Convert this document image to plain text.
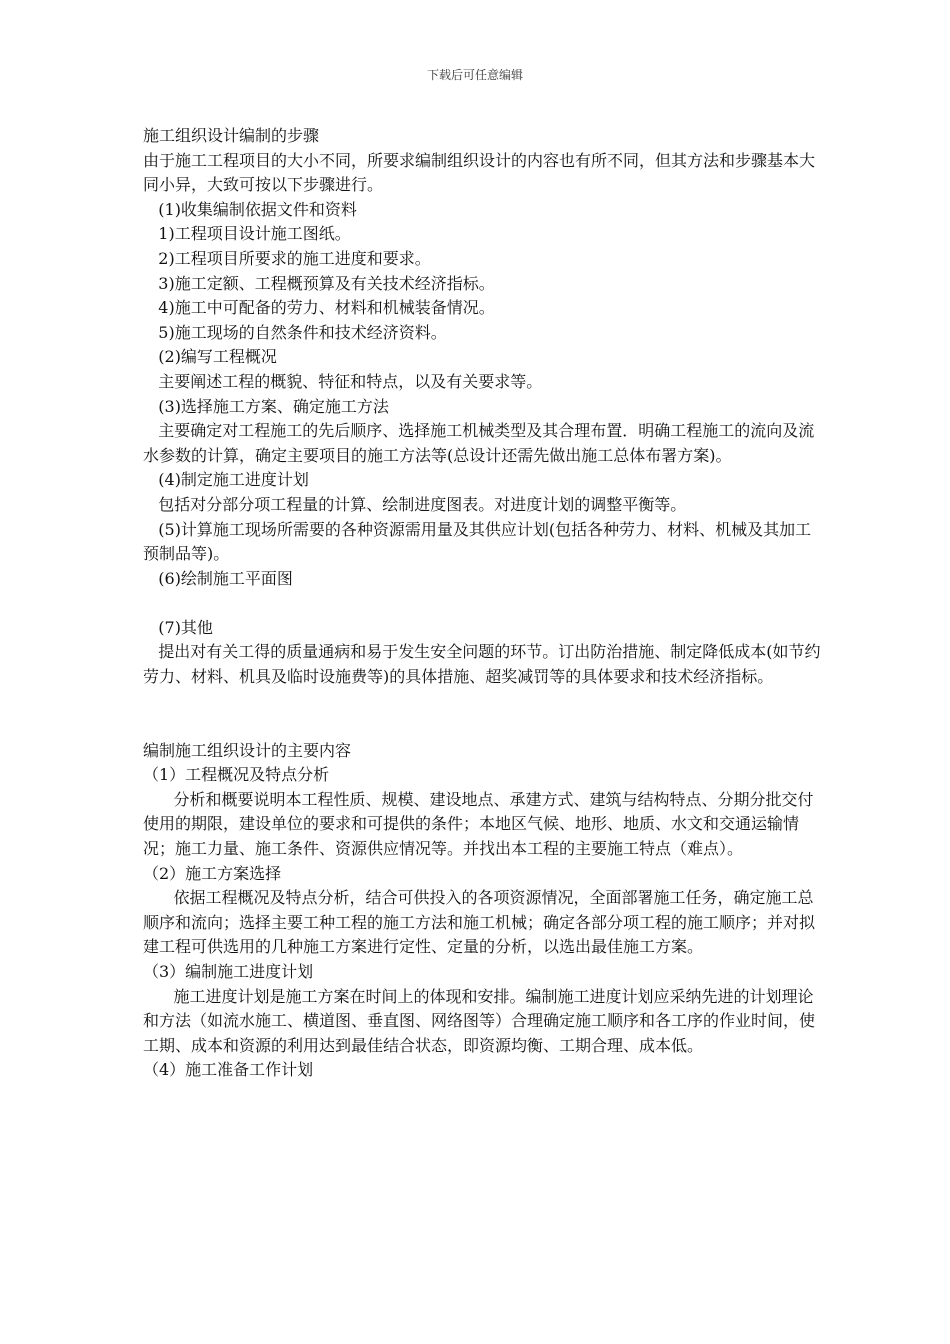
下载后可任意编辑

施工组织设计编制的步骤

由于施工工程项目的大小不同，所要求编制组织设计的内容也有所不同，但其方法和步骤基本大同小异，大致可按以下步骤进行。

(1)收集编制依据文件和资料

1)工程项目设计施工图纸。

2)工程项目所要求的施工进度和要求。

3)施工定额、工程概预算及有关技术经济指标。

4)施工中可配备的劳力、材料和机械装备情况。

5)施工现场的自然条件和技术经济资料。

(2)编写工程概况

主要阐述工程的概貌、特征和特点，以及有关要求等。

(3)选择施工方案、确定施工方法

主要确定对工程施工的先后顺序、选择施工机械类型及其合理布置．明确工程施工的流向及流水参数的计算，确定主要项目的施工方法等(总设计还需先做出施工总体布署方案)。

(4)制定施工进度计划

包括对分部分项工程量的计算、绘制进度图表。对进度计划的调整平衡等。

(5)计算施工现场所需要的各种资源需用量及其供应计划(包括各种劳力、材料、机械及其加工预制品等)。

(6)绘制施工平面图

(7)其他

提出对有关工得的质量通病和易于发生安全问题的环节。订出防治措施、制定降低成本(如节约劳力、材料、机具及临时设施费等)的具体措施、超奖减罚等的具体要求和技术经济指标。

编制施工组织设计的主要内容

（1）工程概况及特点分析

分析和概要说明本工程性质、规模、建设地点、承建方式、建筑与结构特点、分期分批交付使用的期限，建设单位的要求和可提供的条件；本地区气候、地形、地质、水文和交通运输情况；施工力量、施工条件、资源供应情况等。并找出本工程的主要施工特点（难点）。

（2）施工方案选择

依据工程概况及特点分析，结合可供投入的各项资源情况，全面部署施工任务，确定施工总顺序和流向；选择主要工种工程的施工方法和施工机械；确定各部分项工程的施工顺序；并对拟建工程可供选用的几种施工方案进行定性、定量的分析，以选出最佳施工方案。

（3）编制施工进度计划

施工进度计划是施工方案在时间上的体现和安排。编制施工进度计划应采纳先进的计划理论和方法（如流水施工、横道图、垂直图、网络图等）合理确定施工顺序和各工序的作业时间，使工期、成本和资源的利用达到最佳结合状态，即资源均衡、工期合理、成本低。

（4）施工准备工作计划
